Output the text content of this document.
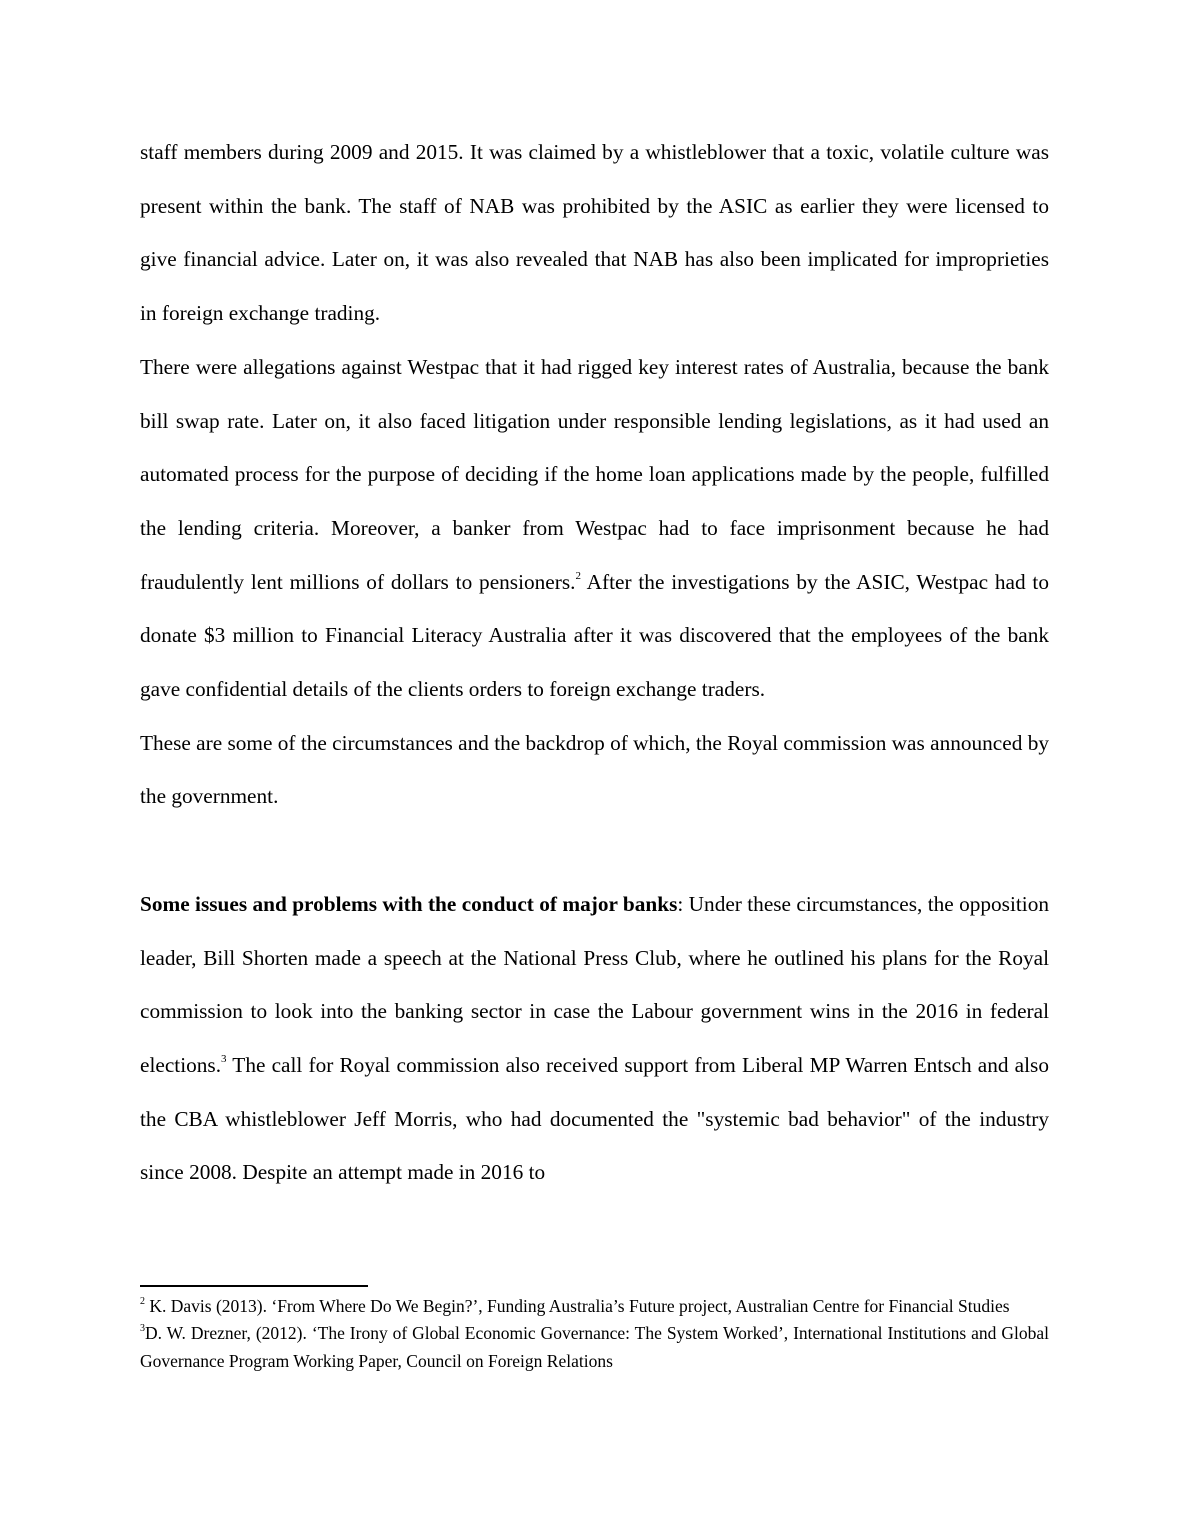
staff members during 2009 and 2015. It was claimed by a whistleblower that a toxic, volatile culture was present within the bank. The staff of NAB was prohibited by the ASIC as earlier they were licensed to give financial advice. Later on, it was also revealed that NAB has also been implicated for improprieties in foreign exchange trading.

There were allegations against Westpac that it had rigged key interest rates of Australia, because the bank bill swap rate. Later on, it also faced litigation under responsible lending legislations, as it had used an automated process for the purpose of deciding if the home loan applications made by the people, fulfilled the lending criteria. Moreover, a banker from Westpac had to face imprisonment because he had fraudulently lent millions of dollars to pensioners.$^2$ After the investigations by the ASIC, Westpac had to donate $3 million to Financial Literacy Australia after it was discovered that the employees of the bank gave confidential details of the clients orders to foreign exchange traders.

These are some of the circumstances and the backdrop of which, the Royal commission was announced by the government.

Some issues and problems with the conduct of major banks: Under these circumstances, the opposition leader, Bill Shorten made a speech at the National Press Club, where he outlined his plans for the Royal commission to look into the banking sector in case the Labour government wins in the 2016 in federal elections.$^3$ The call for Royal commission also received support from Liberal MP Warren Entsch and also the CBA whistleblower Jeff Morris, who had documented the "systemic bad behavior" of the industry since 2008. Despite an attempt made in 2016 to

$^2$ K. Davis (2013). ‘From Where Do We Begin?’, Funding Australia’s Future project, Australian Centre for Financial Studies

$^3$D. W. Drezner, (2012). ‘The Irony of Global Economic Governance: The System Worked’, International Institutions and Global Governance Program Working Paper, Council on Foreign Relations
